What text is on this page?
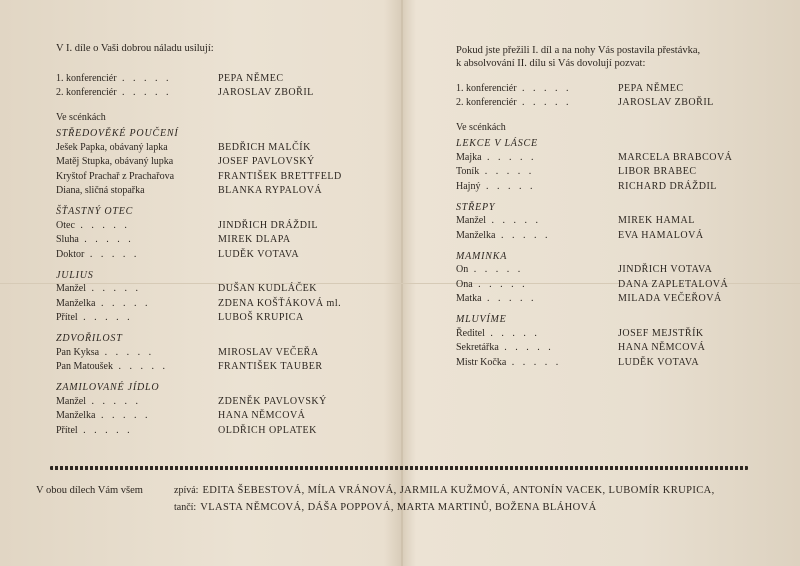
V I. díle o Vaši dobrou náladu usilují:
1. konferenciér . . . . .	PEPA NĚMEC
2. konferenciér . . . . .	JAROSLAV ZBOŘIL
Ve scénkách
STŘEDOVĚKÉ POUČENÍ
Ješek Papka, obávaný lapka	BEDŘICH MALČÍK
Matěj Stupka, obávaný lupka	JOSEF PAVLOVSKÝ
Kryštof Prachař z Prachařova	FRANTIŠEK BRETTFELD
Diana, sličná stopařka	BLANKA RYPALOVÁ
ŠŤASTNÝ OTEC
Otec . . . . .	JINDŘICH DRÁŽDIL
Sluha . . . . .	MIREK DLAPA
Doktor . . . . .	LUDĚK VOTAVA
JULIUS
Manžel . . . . .	DUŠAN KUDLÁČEK
Manželka . . . . .	ZDENA KOŠŤÁKOVÁ ml.
Přítel . . . . .	LUBOŠ KRUPICA
ZDVOŘILOST
Pan Kyksa . . . . .	MIROSLAV VEČEŘA
Pan Matoušek . . . . .	FRANTIŠEK TAUBER
ZAMILOVANÉ JÍDLO
Manžel . . . . .	ZDENĚK PAVLOVSKÝ
Manželka . . . . .	HANA NĚMCOVÁ
Přítel . . . . .	OLDŘICH OPLATEK
Pokud jste přežili I. díl a na nohy Vás postavila přestávka,
k absolvování II. dílu si Vás dovolují pozvat:
1. konferenciér . . . . .	PEPA NĚMEC
2. konferenciér . . . . .	JAROSLAV ZBOŘIL
Ve scénkách
LEKCE V LÁSCE
Majka . . . . .	MARCELA BRABCOVÁ
Toník . . . . .	LIBOR BRABEC
Hajný . . . . .	RICHARD DRÁŽDIL
STŘEPY
Manžel . . . . .	MIREK HAMAL
Manželka . . . . .	EVA HAMALOVÁ
MAMINKA
On . . . . .	JINDŘICH VOTAVA
Ona . . . . .	DANA ZAPLETALOVÁ
Matka . . . . .	MILADA VEČEŘOVÁ
MLUVÍME
Ředitel . . . . .	JOSEF MEJSTŘÍK
Sekretářka . . . . .	HANA NĚMCOVÁ
Mistr Kočka . . . . .	LUDĚK VOTAVA
V obou dílech Vám všem	zpívá: EDITA ŠEBESTOVÁ, MÍLA VRÁNOVÁ, JARMILA KUŽMOVÁ, ANTONÍN VACEK, LUBOMÍR KRUPICA,
tančí: VLASTA NĚMCOVÁ, DÁŠA POPPOVÁ, MARTA MARTINŮ, BOŽENA BLÁHOVÁ
